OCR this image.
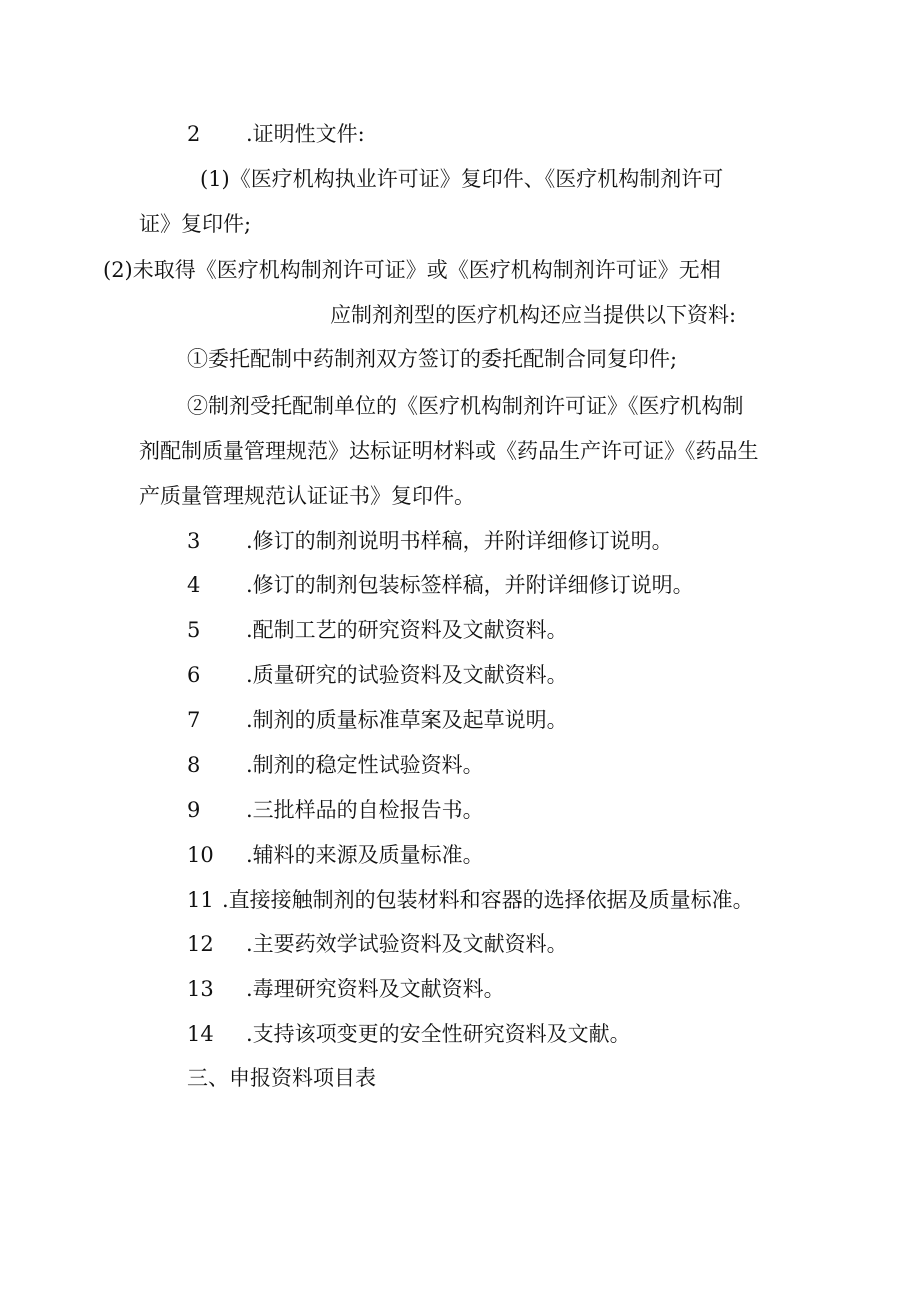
2 .证明性文件:
(1)《医疗机构执业许可证》复印件、《医疗机构制剂许可
证》复印件;
(2)未取得《医疗机构制剂许可证》或《医疗机构制剂许可证》无相
应制剂剂型的医疗机构还应当提供以下资料:
①委托配制中药制剂双方签订的委托配制合同复印件;
②制剂受托配制单位的《医疗机构制剂许可证》《医疗机构制
剂配制质量管理规范》达标证明材料或《药品生产许可证》《药品生
产质量管理规范认证证书》复印件。
3 .修订的制剂说明书样稿，并附详细修订说明。
4 .修订的制剂包装标签样稿，并附详细修订说明。
5 .配制工艺的研究资料及文献资料。
6 .质量研究的试验资料及文献资料。
7 .制剂的质量标准草案及起草说明。
8 .制剂的稳定性试验资料。
9 .三批样品的自检报告书。
10 .辅料的来源及质量标准。
11 .直接接触制剂的包装材料和容器的选择依据及质量标准。
12 .主要药效学试验资料及文献资料。
13 .毒理研究资料及文献资料。
14 .支持该项变更的安全性研究资料及文献。
三、申报资料项目表
